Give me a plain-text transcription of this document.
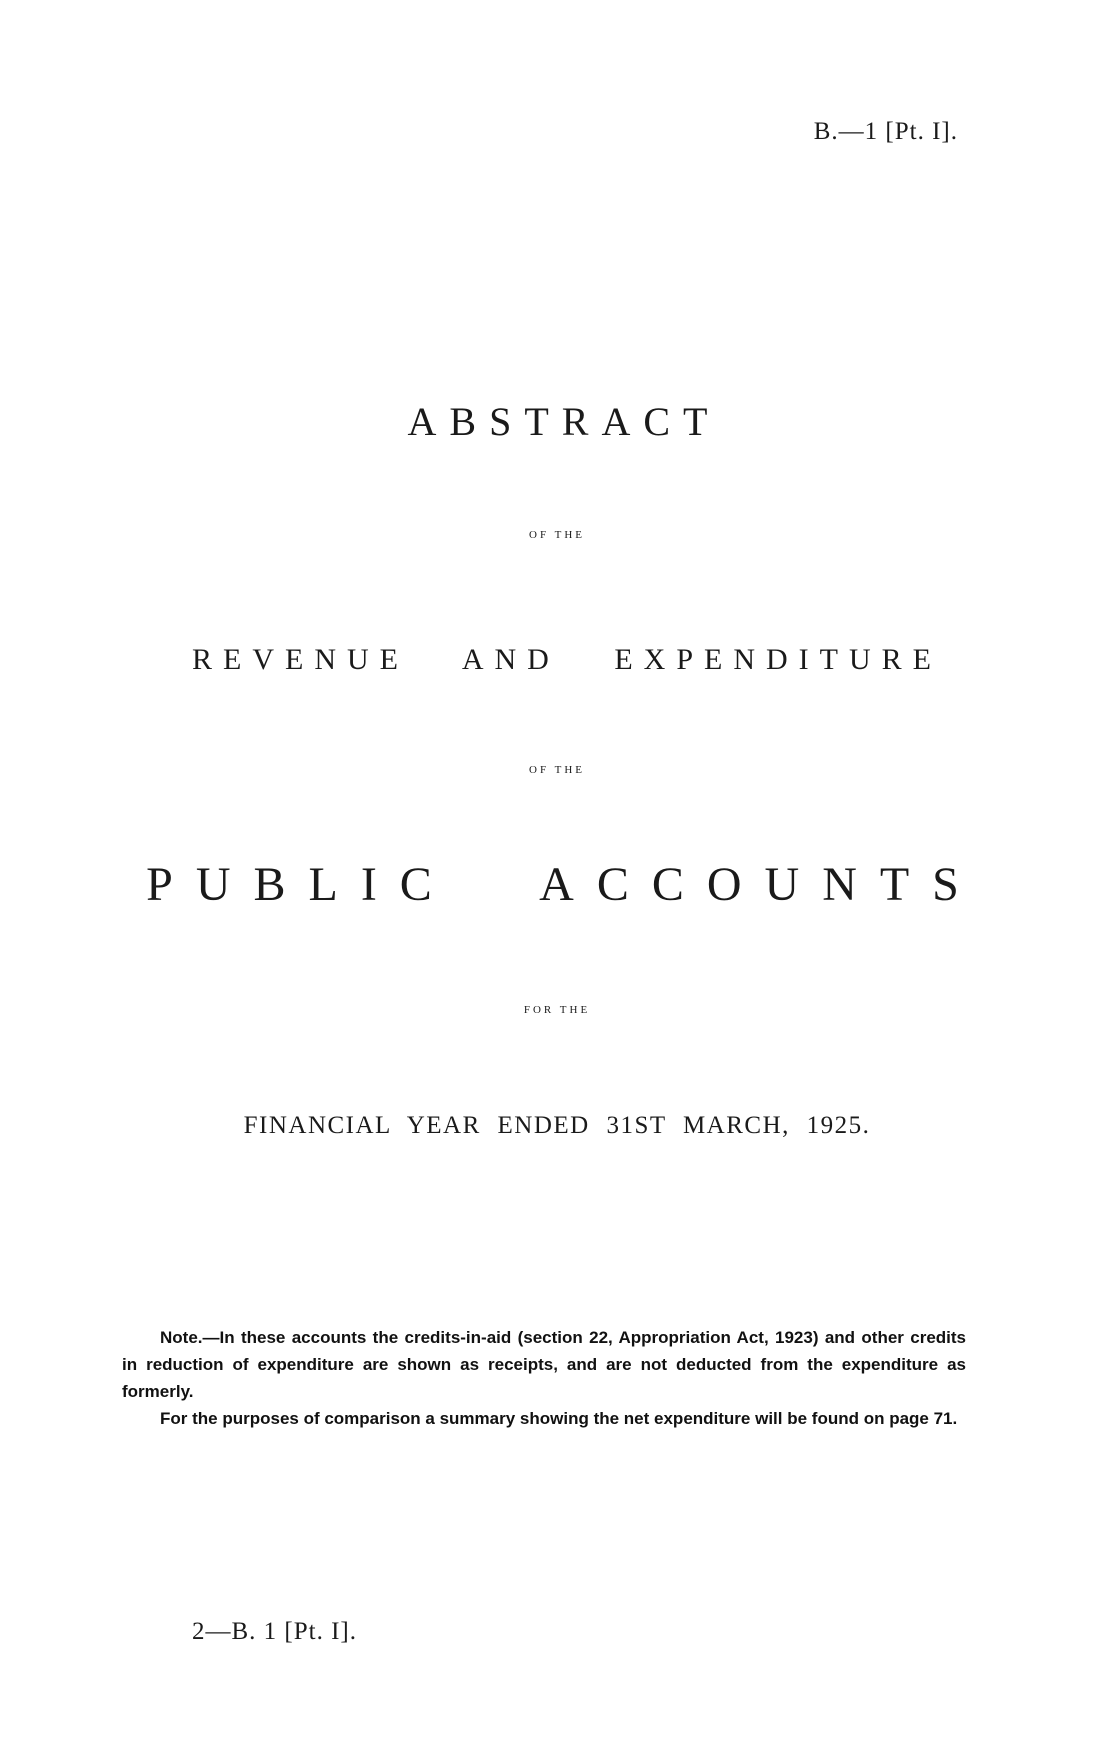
B.—1 [Pt. I].
ABSTRACT
OF THE
REVENUE AND EXPENDITURE
OF THE
PUBLIC ACCOUNTS
FOR THE
FINANCIAL YEAR ENDED 31ST MARCH, 1925.

Note.—In these accounts the credits-in-aid (section 22, Appropriation Act, 1923) and other credits in reduction of expenditure are shown as receipts, and are not deducted from the expenditure as formerly.

For the purposes of comparison a summary showing the net expenditure will be found on page 71.

2—B. 1 [Pt. I].
